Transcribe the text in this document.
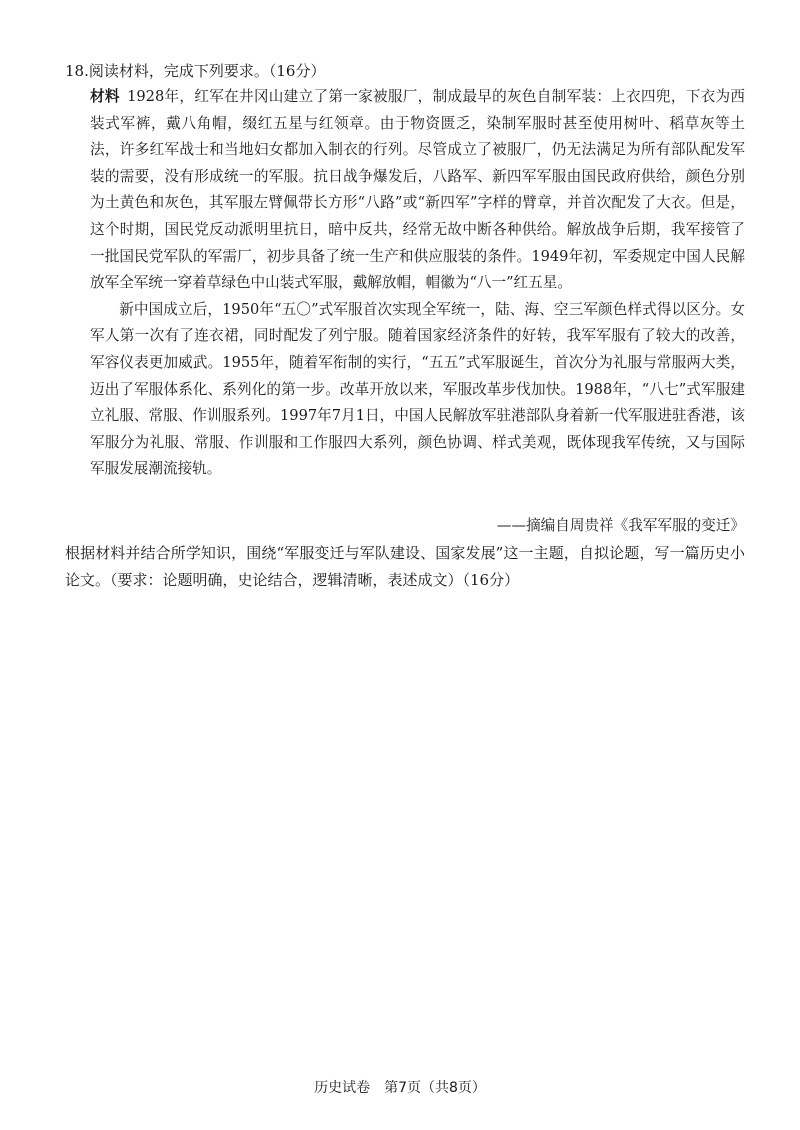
18.阅读材料，完成下列要求。（16分）

材料 1928年，红军在井冈山建立了第一家被服厂，制成最早的灰色自制军装：上衣四兜，下衣为西装式军裤，戴八角帽，缀红五星与红领章。由于物资匮乏，染制军服时甚至使用树叶、稻草灰等土法，许多红军战士和当地妇女都加入制衣的行列。尽管成立了被服厂，仍无法满足为所有部队配发军装的需要，没有形成统一的军服。抗日战争爆发后，八路军、新四军军服由国民政府供给，颜色分别为土黄色和灰色，其军服左臂佩带长方形“八路”或“新四军”字样的臂章，并首次配发了大衣。但是，这个时期，国民党反动派明里抗日，暗中反共，经常无故中断各种供给。解放战争后期，我军接管了一批国民党军队的军需厂，初步具备了统一生产和供应服装的条件。1949年初，军委规定中国人民解放军全军统一穿着草绿色中山装式军服，戴解放帽，帽徽为“八一”红五星。

新中国成立后，1950年“五〇”式军服首次实现全军统一，陆、海、空三军颜色样式得以区分。女军人第一次有了连衣裙，同时配发了列宁服。随着国家经济条件的好转，我军军服有了较大的改善，军容仪表更加威武。1955年，随着军衔制的实行，“五五”式军服诞生，首次分为礼服与常服两大类，迈出了军服体系化、系列化的第一步。改革开放以来，军服改革步伐加快。1988年，“八七”式军服建立礼服、常服、作训服系列。1997年7月1日，中国人民解放军驻港部队身着新一代军服进驻香港，该军服分为礼服、常服、作训服和工作服四大系列，颜色协调、样式美观，既体现我军传统，又与国际军服发展潮流接轨。

——摘编自周贵祥《我军军服的变迁》
根据材料并结合所学知识，围绕“军服变迁与军队建设、国家发展”这一主题，自拟论题，写一篇历史小论文。（要求：论题明确，史论结合，逻辑清晰，表述成文）（16分）
历史试卷　第7页（共8页）
